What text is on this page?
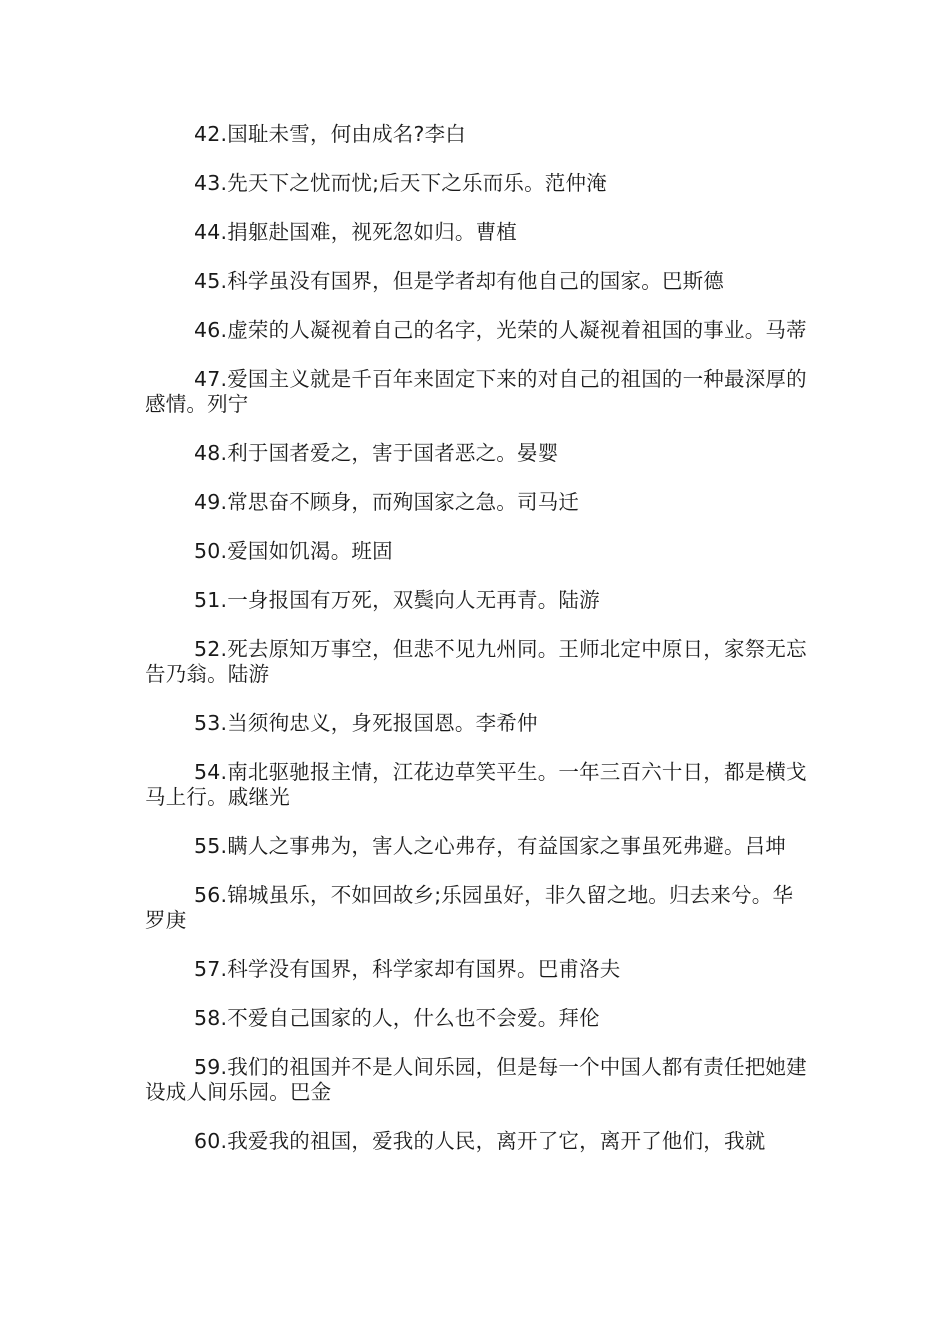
42.国耻未雪，何由成名?李白

43.先天下之忧而忧;后天下之乐而乐。范仲淹

44.捐躯赴国难，视死忽如归。曹植

45.科学虽没有国界，但是学者却有他自己的国家。巴斯德

46.虚荣的人凝视着自己的名字，光荣的人凝视着祖国的事业。马蒂

47.爱国主义就是千百年来固定下来的对自己的祖国的一种最深厚的感情。列宁

48.利于国者爱之，害于国者恶之。晏婴

49.常思奋不顾身，而殉国家之急。司马迁

50.爱国如饥渴。班固

51.一身报国有万死，双鬓向人无再青。陆游

52.死去原知万事空，但悲不见九州同。王师北定中原日，家祭无忘告乃翁。陆游

53.当须徇忠义，身死报国恩。李希仲

54.南北驱驰报主情，江花边草笑平生。一年三百六十日，都是横戈马上行。戚继光

55.瞒人之事弗为，害人之心弗存，有益国家之事虽死弗避。吕坤

56.锦城虽乐，不如回故乡;乐园虽好，非久留之地。归去来兮。华罗庚

57.科学没有国界，科学家却有国界。巴甫洛夫

58.不爱自己国家的人，什么也不会爱。拜伦

59.我们的祖国并不是人间乐园，但是每一个中国人都有责任把她建设成人间乐园。巴金

60.我爱我的祖国，爱我的人民，离开了它，离开了他们，我就
